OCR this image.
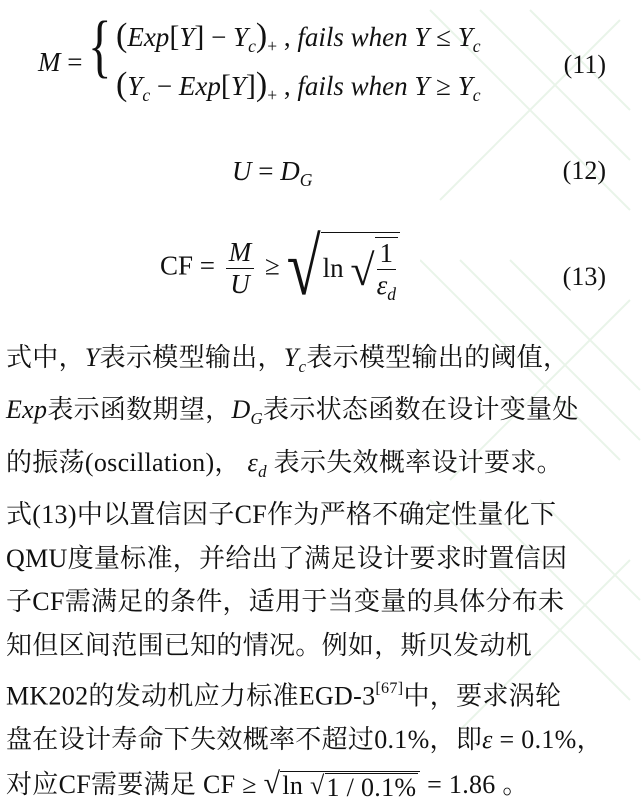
M = { $(Exp[Y] - Y_c)_+$ , fails when $Y \le Y_c$
$(Y_c - Exp[Y])_+$ , fails when $Y \ge Y_c$
(11)
$U = D_G$	(12)
CF = $\frac{M}{U} \ge √\ln$ √ $\frac{1}{\varepsilon_d}$	(13)

式中，Y表示模型输出，$Y_c$表示模型输出的阈值，

Exp表示函数期望，$D_G$表示状态函数在设计变量处

的振荡(oscillation)， $\varepsilon_d$ 表示失效概率设计要求。

式(13)中以置信因子CF作为严格不确定性量化下

QMU度量标准，并给出了满足设计要求时置信因

子CF需满足的条件，适用于当变量的具体分布未

知但区间范围已知的情况。例如，斯贝发动机

MK202的发动机应力标准EGD-3[67]中，要求涡轮

盘在设计寿命下失效概率不超过0.1%，即ε = 0.1%，

对应CF需要满足 CF ≥ √ln √1 / 0.1% = 1.86 。
